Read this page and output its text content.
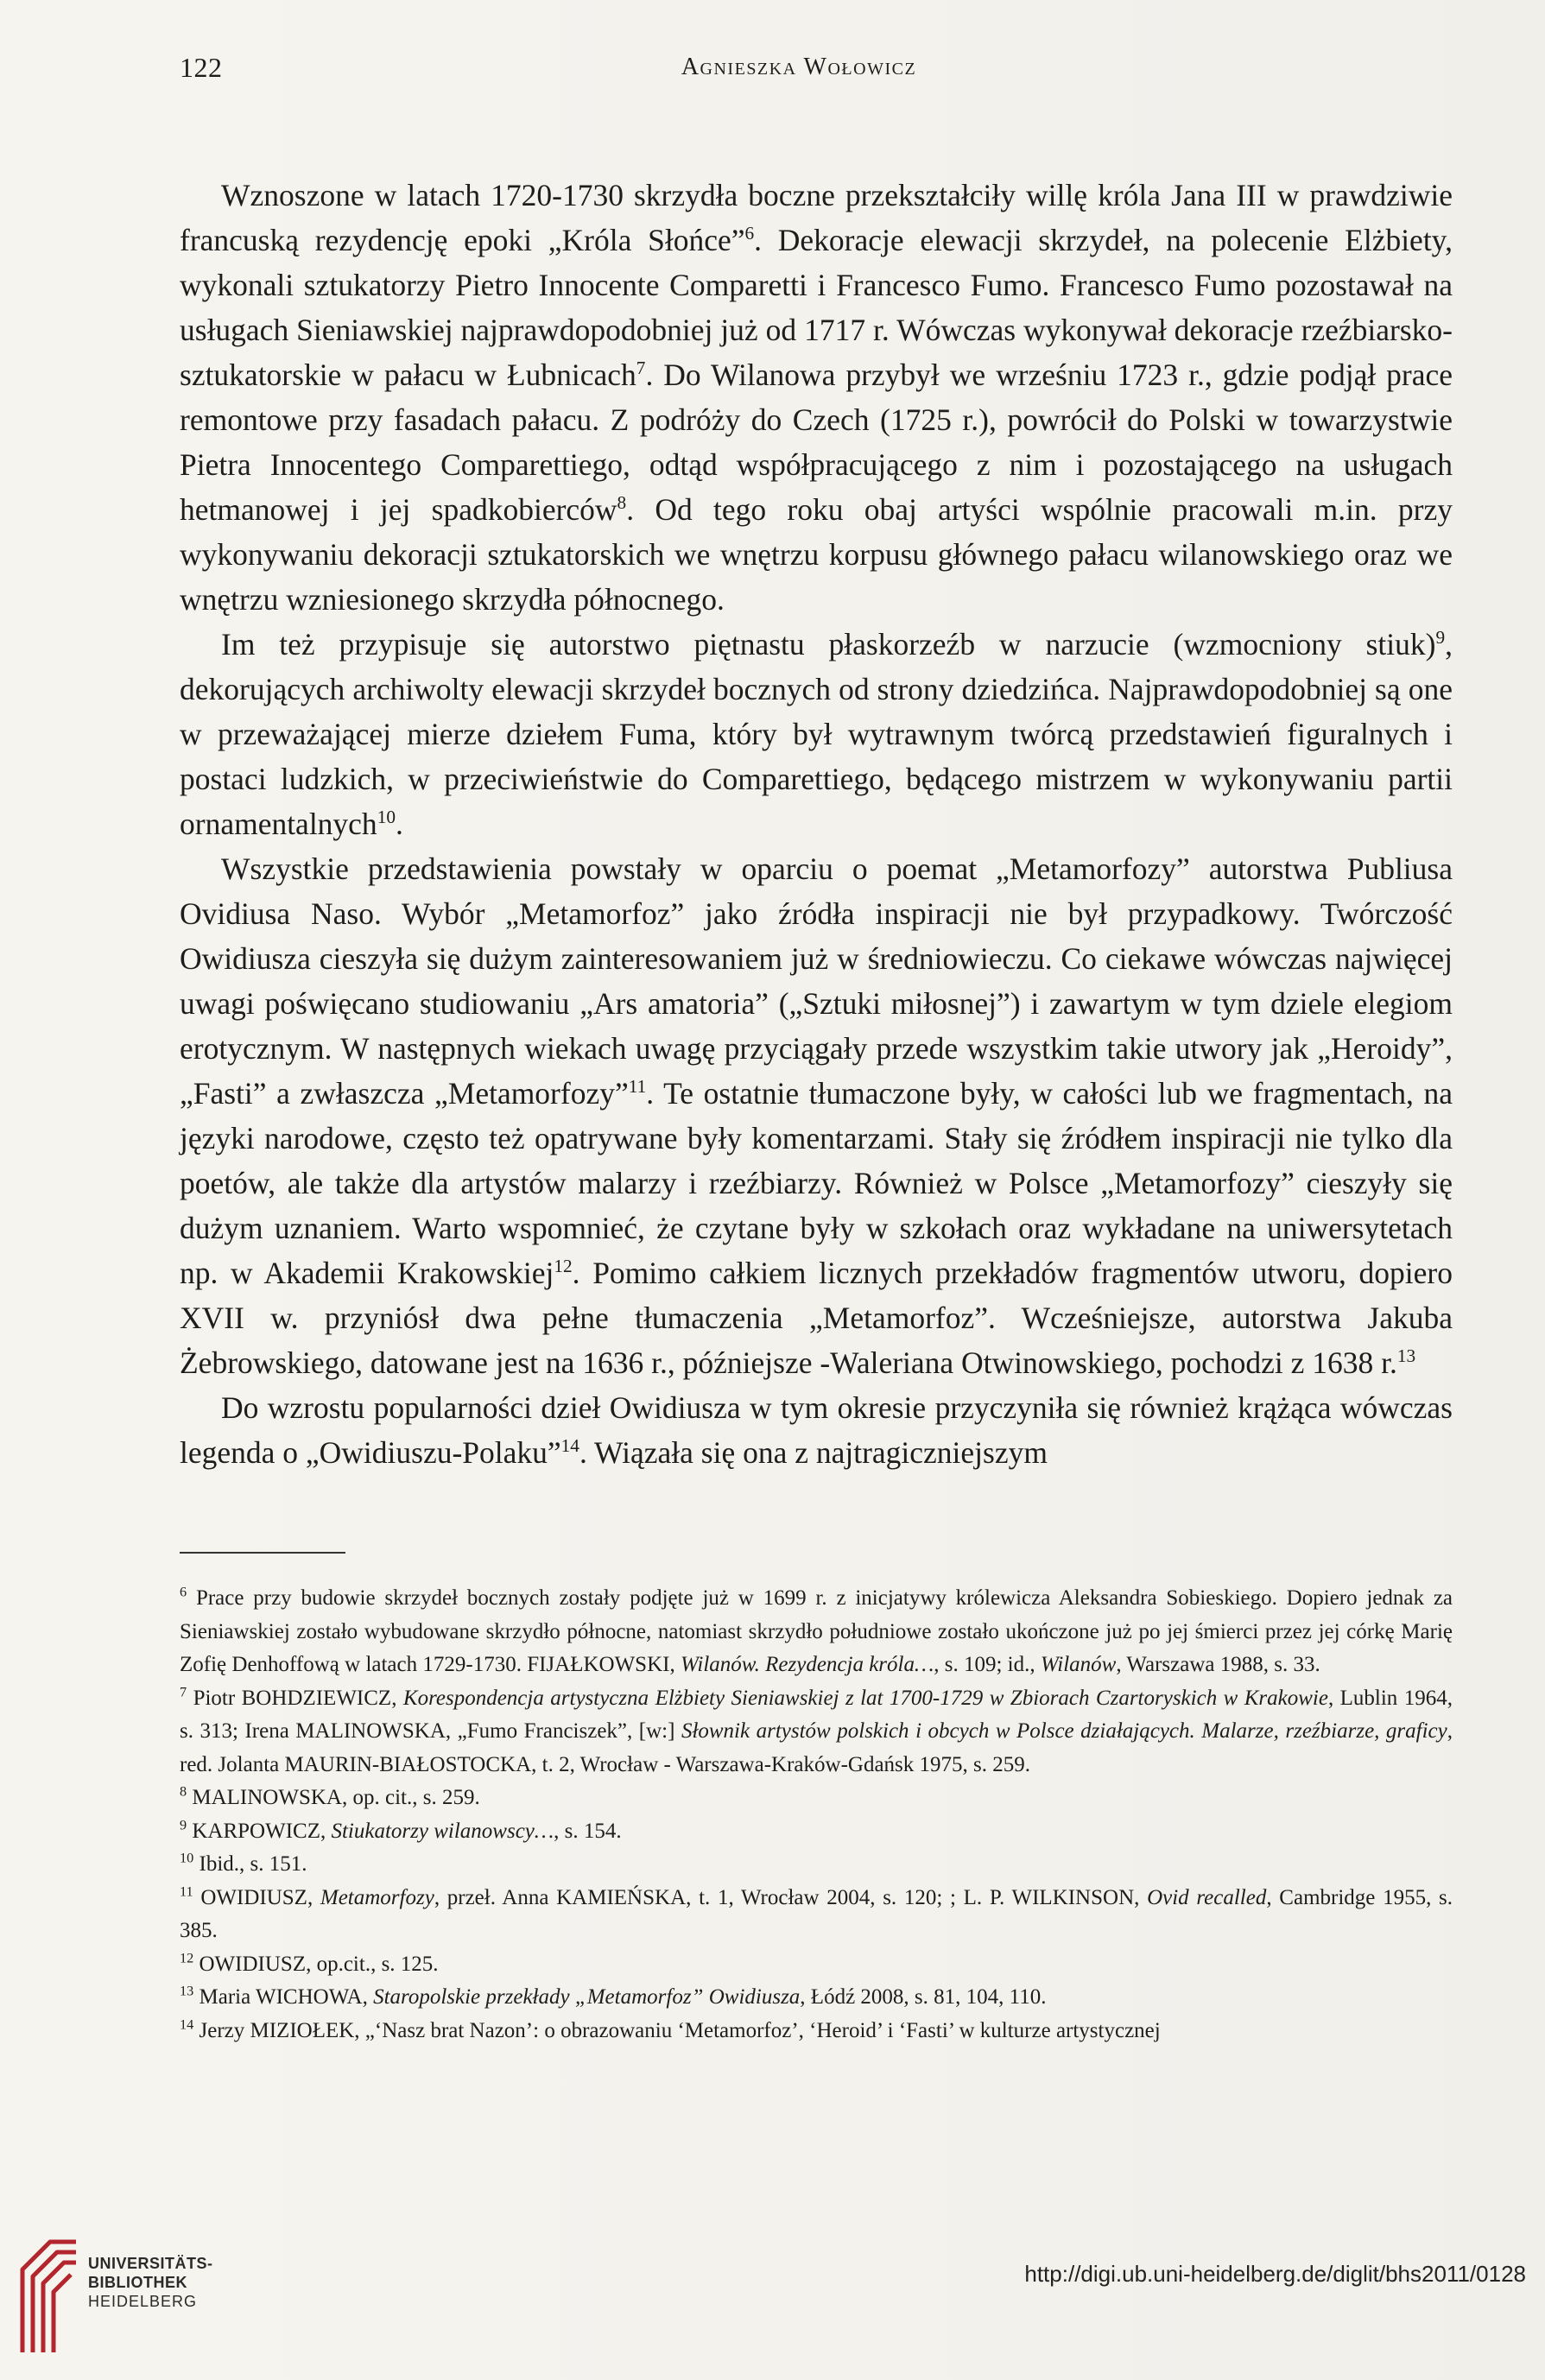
122	Agnieszka Wołowicz

Wznoszone w latach 1720-1730 skrzydła boczne przekształciły willę króla Jana III w prawdziwie francuską rezydencję epoki „Króla Słońce”$^6$. Dekoracje elewacji skrzydeł, na polecenie Elżbiety, wykonali sztukatorzy Pietro Innocente Comparetti i Francesco Fumo. Francesco Fumo pozostawał na usługach Sieniawskiej najprawdopodobniej już od 1717 r. Wówczas wykonywał dekoracje rzeźbiarsko-sztukatorskie w pałacu w Łubnicach$^7$. Do Wilanowa przybył we wrześniu 1723 r., gdzie podjął prace remontowe przy fasadach pałacu. Z podróży do Czech (1725 r.), powrócił do Polski w towarzystwie Pietra Innocentego Comparettiego, odtąd współpracującego z nim i pozostającego na usługach hetmanowej i jej spadkobierców$^8$. Od tego roku obaj artyści wspólnie pracowali m.in. przy wykonywaniu dekoracji sztukatorskich we wnętrzu korpusu głównego pałacu wilanowskiego oraz we wnętrzu wzniesionego skrzydła północnego.

Im też przypisuje się autorstwo piętnastu płaskorzeźb w narzucie (wzmocniony stiuk)$^9$, dekorujących archiwolty elewacji skrzydeł bocznych od strony dziedzińca. Najprawdopodobniej są one w przeważającej mierze dziełem Fuma, który był wytrawnym twórcą przedstawień figuralnych i postaci ludzkich, w przeciwieństwie do Comparettiego, będącego mistrzem w wykonywaniu partii ornamentalnych$^{10}$.

Wszystkie przedstawienia powstały w oparciu o poemat „Metamorfozy” autorstwa Publiusa Ovidiusa Naso. Wybór „Metamorfoz” jako źródła inspiracji nie był przypadkowy. Twórczość Owidiusza cieszyła się dużym zainteresowaniem już w średniowieczu. Co ciekawe wówczas najwięcej uwagi poświęcano studiowaniu „Ars amatoria” („Sztuki miłosnej”) i zawartym w tym dziele elegiom erotycznym. W następnych wiekach uwagę przyciągały przede wszystkim takie utwory jak „Heroidy”, „Fasti” a zwłaszcza „Metamorfozy”$^{11}$. Te ostatnie tłumaczone były, w całości lub we fragmentach, na języki narodowe, często też opatrywane były komentarzami. Stały się źródłem inspiracji nie tylko dla poetów, ale także dla artystów malarzy i rzeźbiarzy. Również w Polsce „Metamorfozy” cieszyły się dużym uznaniem. Warto wspomnieć, że czytane były w szkołach oraz wykładane na uniwersytetach np. w Akademii Krakowskiej$^{12}$. Pomimo całkiem licznych przekładów fragmentów utworu, dopiero XVII w. przyniósł dwa pełne tłumaczenia „Metamorfoz”. Wcześniejsze, autorstwa Jakuba Żebrowskiego, datowane jest na 1636 r., późniejsze -Waleriana Otwinowskiego, pochodzi z 1638 r.$^{13}$

Do wzrostu popularności dzieł Owidiusza w tym okresie przyczyniła się również krążąca wówczas legenda o „Owidiuszu-Polaku”$^{14}$. Wiązała się ona z najtragiczniejszym

$^6$ Prace przy budowie skrzydeł bocznych zostały podjęte już w 1699 r. z inicjatywy królewicza Aleksandra Sobieskiego. Dopiero jednak za Sieniawskiej zostało wybudowane skrzydło północne, natomiast skrzydło południowe zostało ukończone już po jej śmierci przez jej córkę Marię Zofię Denhoffową w latach 1729-1730. FIJAŁKOWSKI, Wilanów. Rezydencja króla…, s. 109; id., Wilanów, Warszawa 1988, s. 33.

$^7$ Piotr BOHDZIEWICZ, Korespondencja artystyczna Elżbiety Sieniawskiej z lat 1700-1729 w Zbiorach Czartoryskich w Krakowie, Lublin 1964, s. 313; Irena MALINOWSKA, „Fumo Franciszek”, [w:] Słownik artystów polskich i obcych w Polsce działających. Malarze, rzeźbiarze, graficy, red. Jolanta MAURIN-BIAŁOSTOCKA, t. 2, Wrocław - Warszawa-Kraków-Gdańsk 1975, s. 259.

$^8$ MALINOWSKA, op. cit., s. 259.

$^9$ KARPOWICZ, Stiukatorzy wilanowscy…, s. 154.

$^{10}$ Ibid., s. 151.

$^{11}$ OWIDIUSZ, Metamorfozy, przeł. Anna KAMIEŃSKA, t. 1, Wrocław 2004, s. 120; ; L. P. WILKINSON, Ovid recalled, Cambridge 1955, s. 385.

$^{12}$ OWIDIUSZ, op.cit., s. 125.

$^{13}$ Maria WICHOWA, Staropolskie przekłady „Metamorfoz” Owidiusza, Łódź 2008, s. 81, 104, 110.

$^{14}$ Jerzy MIZIOŁEK, „‘Nasz brat Nazon’: o obrazowaniu ‘Metamorfoz’, ‘Heroid’ i ‘Fasti’ w kulturze artystycznej

UNIVERSITÄTS-
BIBLIOTHEK
HEIDELBERG
http://digi.ub.uni-heidelberg.de/diglit/bhs2011/0128
